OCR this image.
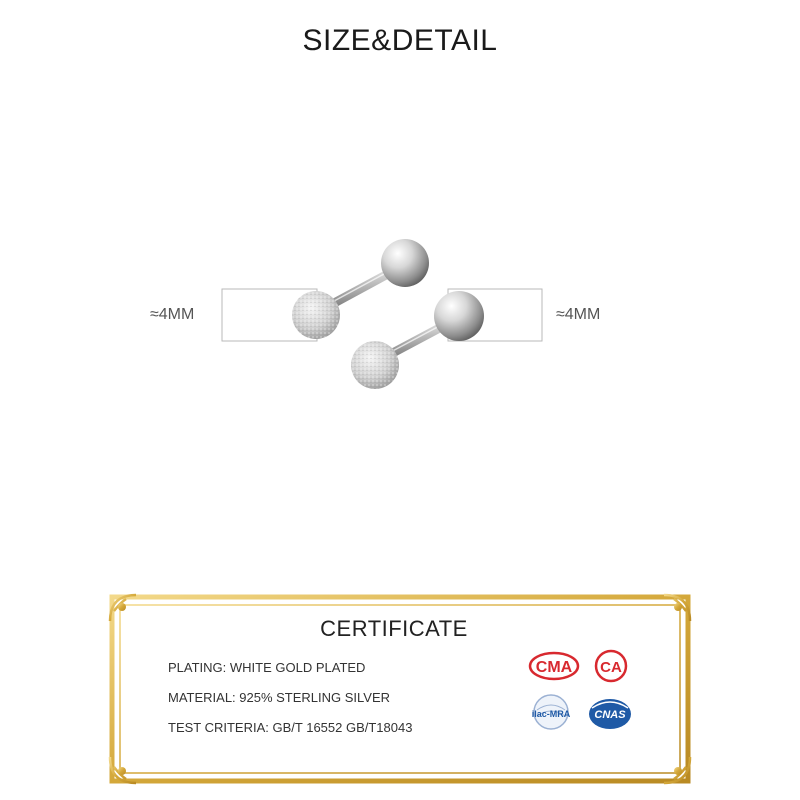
SIZE&DETAIL
≈4MM	≈4MM
CERTIFICATE
PLATING: WHITE GOLD PLATED
MATERIAL: 925% STERLING SILVER
TEST CRITERIA: GB/T 16552 GB/T18043
CMA CA
ilac-MRA CNAS
